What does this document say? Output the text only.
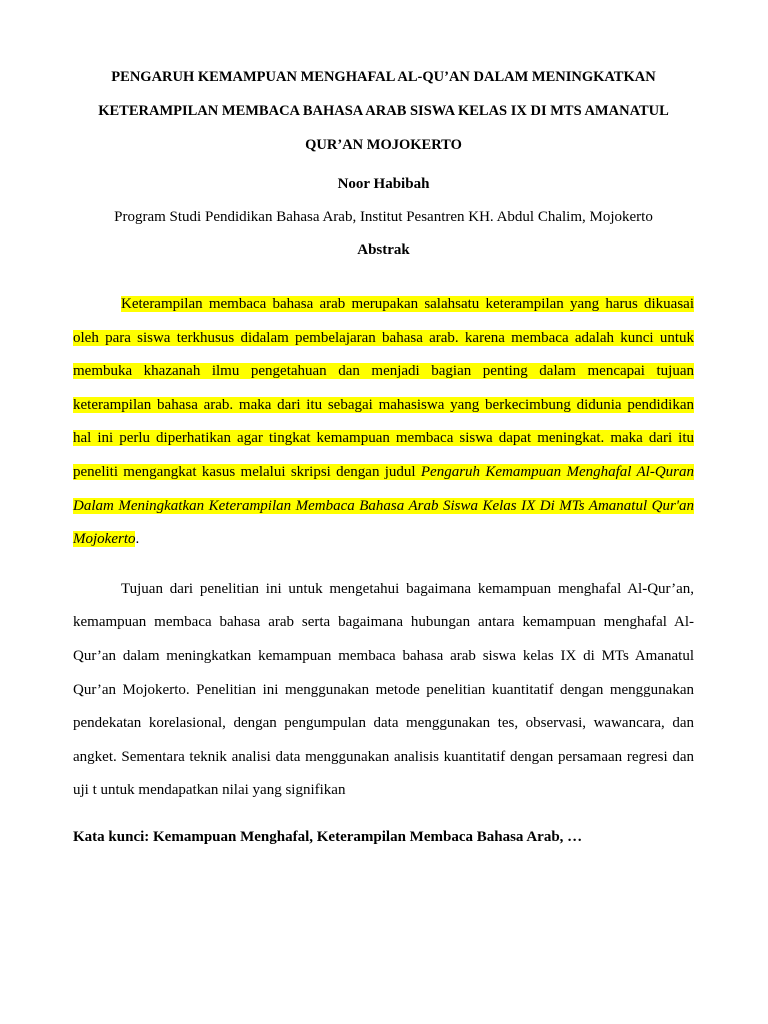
PENGARUH KEMAMPUAN MENGHAFAL AL-QU’AN DALAM MENINGKATKAN
KETERAMPILAN MEMBACA BAHASA ARAB SISWA KELAS IX DI MTS AMANATUL
QUR’AN MOJOKERTO
Noor Habibah
Program Studi Pendidikan Bahasa Arab, Institut Pesantren KH. Abdul Chalim, Mojokerto
Abstrak

Keterampilan membaca bahasa arab merupakan salahsatu keterampilan yang harus dikuasai oleh para siswa terkhusus didalam pembelajaran bahasa arab. karena membaca adalah kunci untuk membuka khazanah ilmu pengetahuan dan menjadi bagian penting dalam mencapai tujuan keterampilan bahasa arab. maka dari itu sebagai mahasiswa yang berkecimbung didunia pendidikan hal ini perlu diperhatikan agar tingkat kemampuan membaca siswa dapat meningkat. maka dari itu peneliti mengangkat kasus melalui skripsi dengan judul Pengaruh Kemampuan Menghafal Al-Quran Dalam Meningkatkan Keterampilan Membaca Bahasa Arab Siswa Kelas IX Di MTs Amanatul Qur'an Mojokerto.

Tujuan dari penelitian ini untuk mengetahui bagaimana kemampuan menghafal Al-Qur’an, kemampuan membaca bahasa arab serta bagaimana hubungan antara kemampuan menghafal Al-Qur’an dalam meningkatkan kemampuan membaca bahasa arab siswa kelas IX di MTs Amanatul Qur’an Mojokerto. Penelitian ini menggunakan metode penelitian kuantitatif dengan menggunakan pendekatan korelasional, dengan pengumpulan data menggunakan tes, observasi, wawancara, dan angket. Sementara teknik analisi data menggunakan analisis kuantitatif dengan persamaan regresi dan uji t untuk mendapatkan nilai yang signifikan

Kata kunci: Kemampuan Menghafal, Keterampilan Membaca Bahasa Arab, …
